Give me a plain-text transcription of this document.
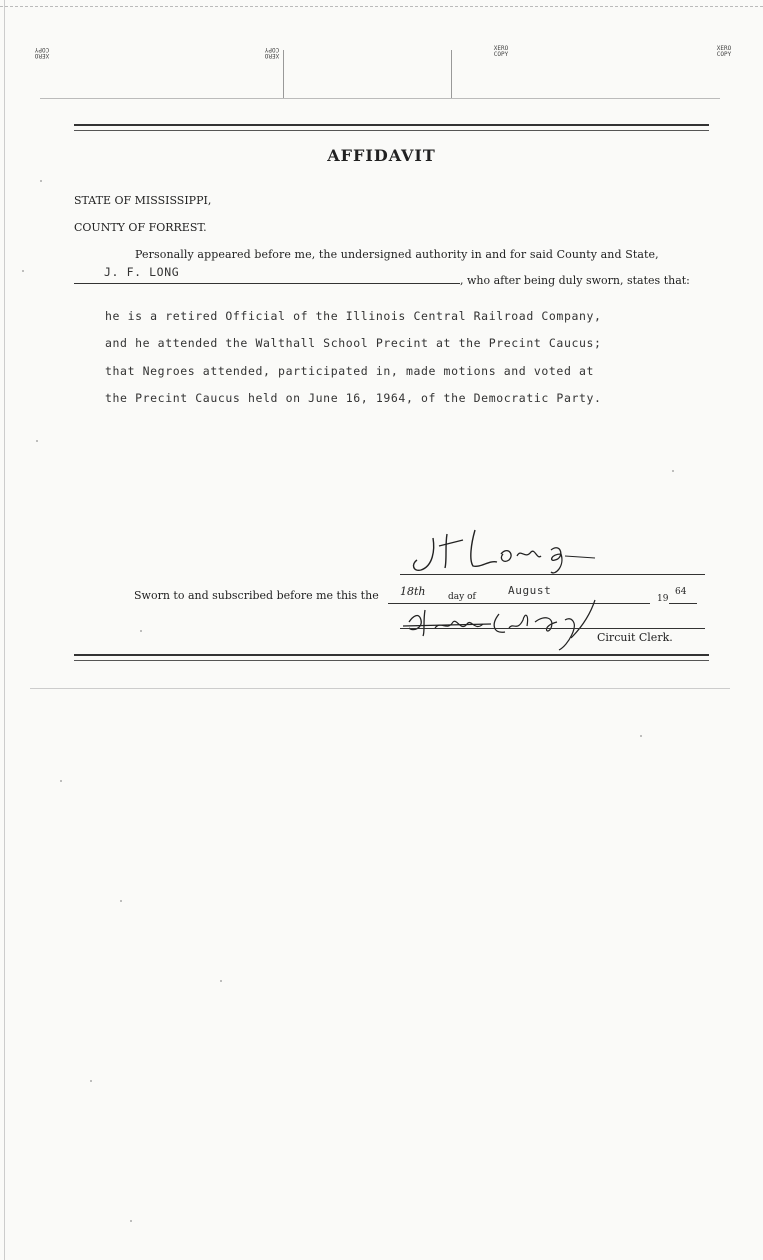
XERO COPY
XERO COPY	XERO COPY
XERO COPY
AFFIDAVIT
STATE OF MISSISSIPPI,
COUNTY OF FORREST.
Personally appeared before me, the undersigned authority in and for said County and State,
J. F. LONG
, who after being duly sworn, states that:
he is a retired Official of the Illinois Central Railroad Company,
and he attended the Walthall School Precint at the Precint Caucus;
that Negroes attended, participated in, made motions and voted at
the Precint Caucus held on June 16, 1964, of the Democratic Party.
Sworn to and subscribed before me this the 18th day of	August
19
64
Circuit Clerk.
